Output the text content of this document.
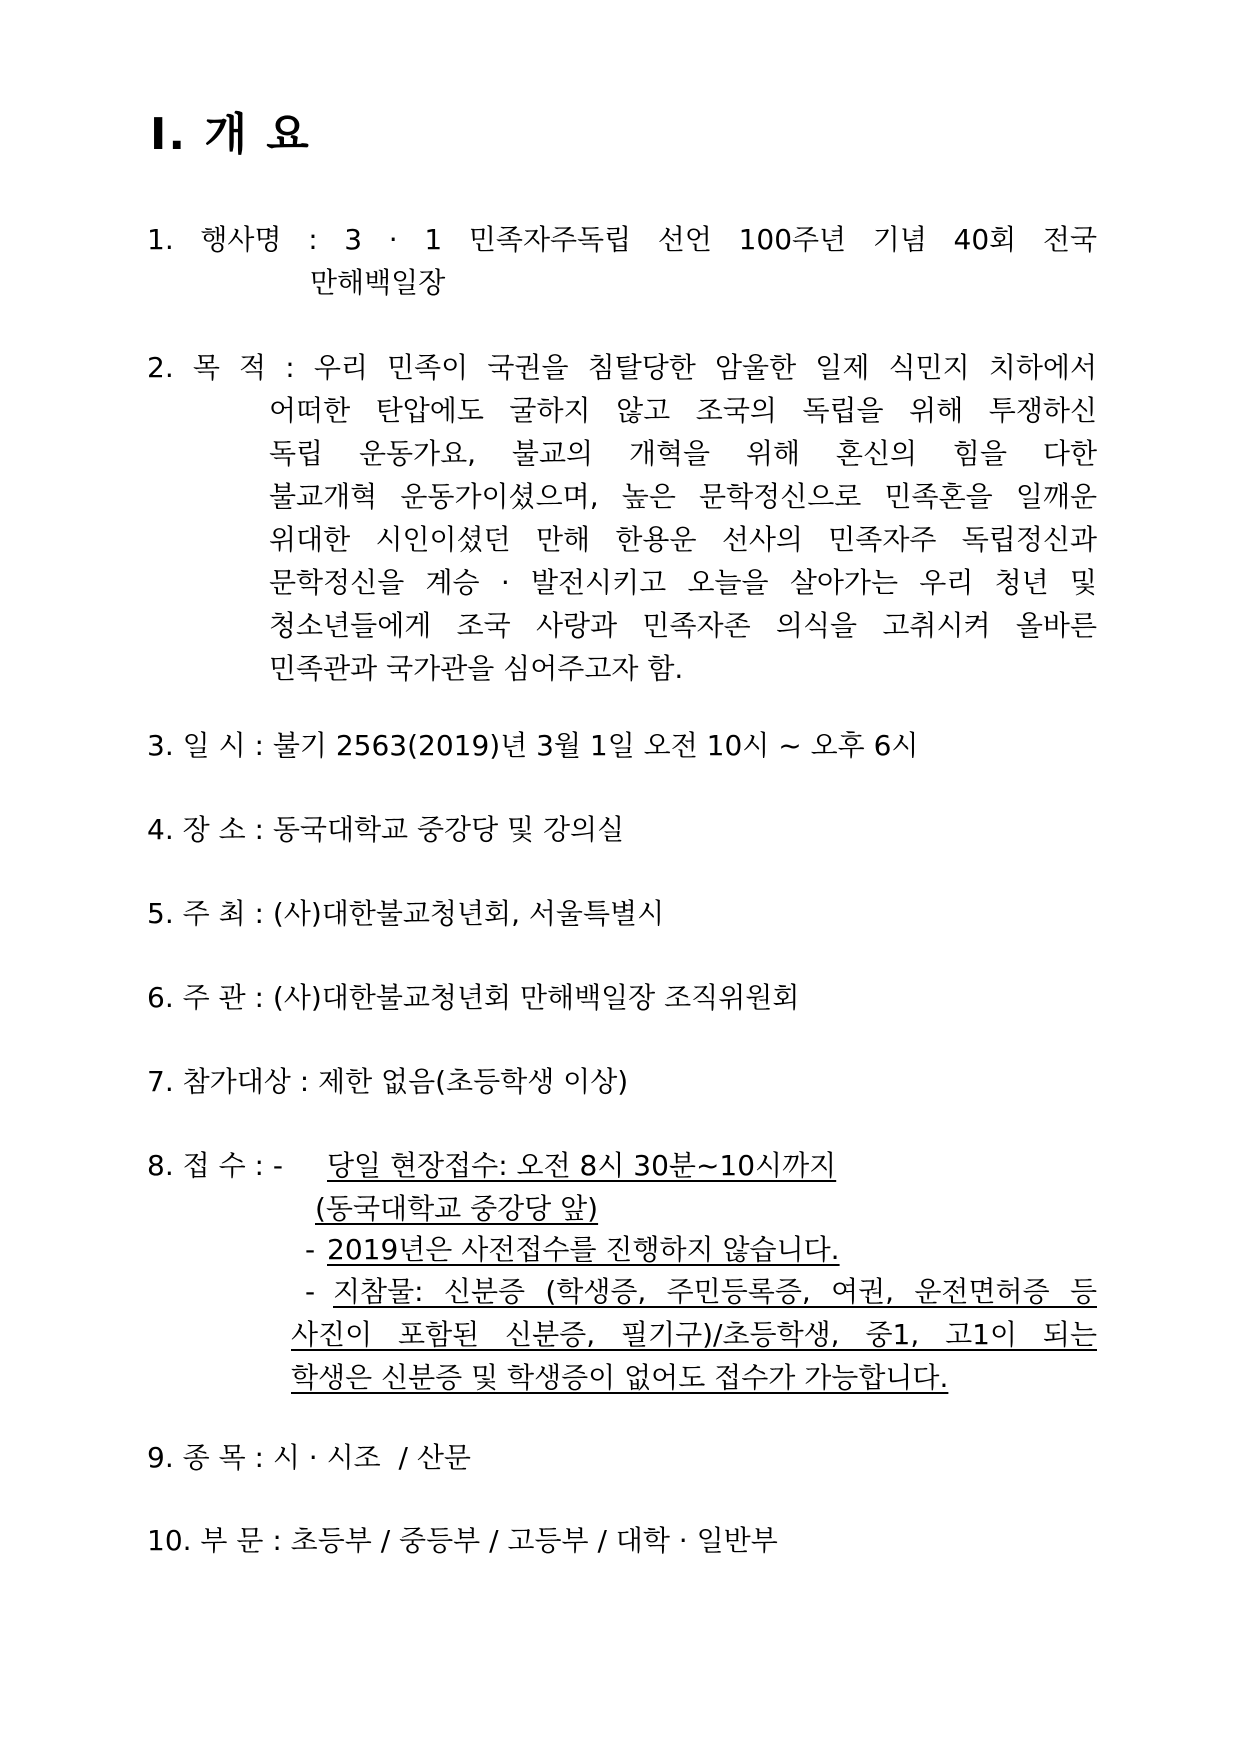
Ⅰ. 개 요
1. 행사명 : 3 · 1 민족자주독립 선언 100주년 기념 40회 전국
만해백일장
2. 목 적 : 우리 민족이 국권을 침탈당한 암울한 일제 식민지 치하에서
어떠한 탄압에도 굴하지 않고 조국의 독립을 위해 투쟁하신
독립 운동가요, 불교의 개혁을 위해 혼신의 힘을 다한
불교개혁 운동가이셨으며, 높은 문학정신으로 민족혼을 일깨운
위대한 시인이셨던 만해 한용운 선사의 민족자주 독립정신과
문학정신을 계승 · 발전시키고 오늘을 살아가는 우리 청년 및
청소년들에게 조국 사랑과 민족자존 의식을 고취시켜 올바른
민족관과 국가관을 심어주고자 함.
3. 일 시 : 불기 2563(2019)년 3월 1일 오전 10시 ~ 오후 6시
4. 장 소 : 동국대학교 중강당 및 강의실
5. 주 최 : (사)대한불교청년회, 서울특별시
6. 주 관 : (사)대한불교청년회 만해백일장 조직위원회
7. 참가대상 : 제한 없음(초등학생 이상)
8. 접 수 : - 당일 현장접수: 오전 8시 30분~10시까지
(동국대학교 중강당 앞)
- 2019년은 사전접수를 진행하지 않습니다.
- 지참물: 신분증 (학생증, 주민등록증, 여권, 운전면허증 등
사진이 포함된 신분증, 필기구)/초등학생, 중1, 고1이 되는
학생은 신분증 및 학생증이 없어도 접수가 가능합니다.
9. 종 목 : 시 · 시조  / 산문
10. 부 문 : 초등부 / 중등부 / 고등부 / 대학 · 일반부
